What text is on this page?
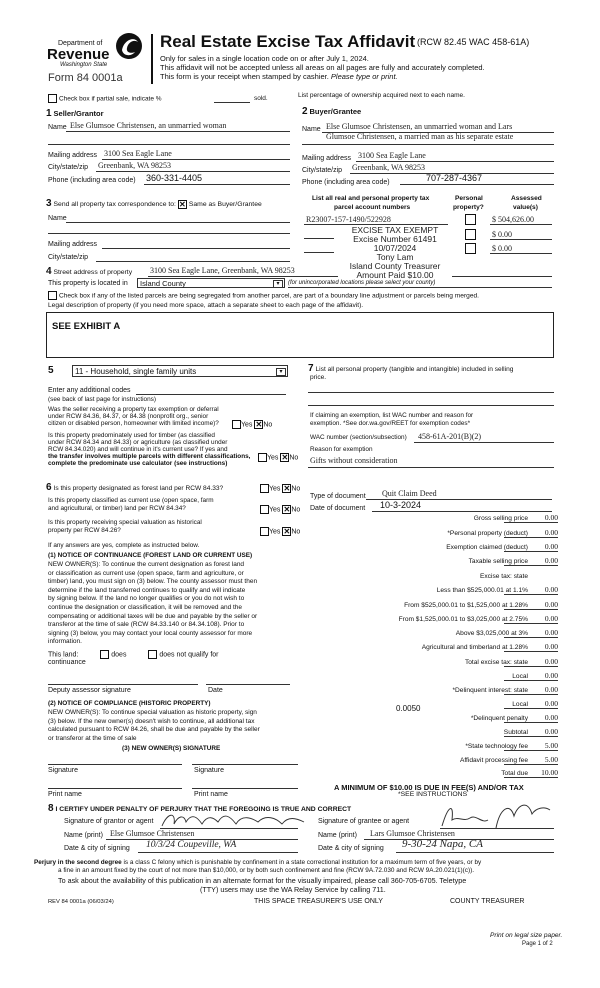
Department of
Revenue
Washington State
Form 84 0001a
Real Estate Excise Tax Affidavit (RCW 82.45 WAC 458-61A)
Only for sales in a single location code on or after July 1, 2024.
This affidavit will not be accepted unless all areas on all pages are fully and accurately completed.
This form is your receipt when stamped by cashier. Please type or print.
Check box if partial sale, indicate %	sold.	List percentage of ownership acquired next to each name.
1 Seller/Grantor
Name Else Glumsoe Christensen, an unmarried woman
Mailing address 3100 Sea Eagle Lane
City/state/zip Greenbank, WA 98253
Phone (including area code) 360-331-4405
2 Buyer/Grantee
Name Else Glumsoe Christensen, an unmarried woman and Lars
Glumsoe Christensen, a married man as his separate estate
Mailing address 3100 Sea Eagle Lane
City/state/zip Greenbank, WA 98253
Phone (including area code)	707-287-4367
3 Send all property tax correspondence to: ✕ Same as Buyer/Grantee
Name
Mailing address
City/state/zip
List all real and personal property tax
parcel account numbers
Personal
property?
Assessed
value(s)
R23007-157-1490/522928	$ 504,626.00
$ 0.00
$ 0.00
EXCISE TAX EXEMPT
Excise Number 61491
10/07/2024
Tony Lam
Island County Treasurer
Amount Paid $10.00
4 Street address of property 3100 Sea Eagle Lane, Greenbank, WA 98253
This property is located in	Island County	▾	(for unincorporated locations please select your county)
Check box if any of the listed parcels are being segregated from another parcel, are part of a boundary line adjustment or parcels being merged.
Legal description of property (if you need more space, attach a separate sheet to each page of the affidavit).
SEE EXHIBIT A
5	11 - Household, single family units	▾
Enter any additional codes
(see back of last page for instructions)
Was the seller receiving a property tax exemption or deferral
under RCW 84.36, 84.37, or 84.38 (nonprofit org., senior
citizen or disabled person, homeowner with limited income)?	Yes ✕No
Is this property predominately used for timber (as classified
under RCW 84.34 and 84.33) or agriculture (as classified under
RCW 84.34.020) and will continue in it's current use? If yes and
the transfer involves multiple parcels with different classifications,
complete the predominate use calculator (see instructions)
Yes ✕No
6 Is this property designated as forest land per RCW 84.33?	Yes ✕No
Is this property classified as current use (open space, farm
and agricultural, or timber) land per RCW 84.34?	Yes ✕No
Is this property receiving special valuation as historical
property per RCW 84.26?	Yes ✕No
If any answers are yes, complete as instructed below.
(1) NOTICE OF CONTINUANCE (FOREST LAND OR CURRENT USE)
NEW OWNER(S): To continue the current designation as forest land
or classification as current use (open space, farm and agriculture, or
timber) land, you must sign on (3) below. The county assessor must then
determine if the land transferred continues to qualify and will indicate
by signing below. If the land no longer qualifies or you do not wish to
continue the designation or classification, it will be removed and the
compensating or additional taxes will be due and payable by the seller or
transferor at the time of sale (RCW 84.33.140 or 84.34.108). Prior to
signing (3) below, you may contact your local county assessor for more
information.
This land:	does	does not qualify for
continuance
Deputy assessor signature	Date
(2) NOTICE OF COMPLIANCE (HISTORIC PROPERTY)
NEW OWNER(S): To continue special valuation as historic property, sign
(3) below. If the new owner(s) doesn't wish to continue, all additional tax
calculated pursuant to RCW 84.26, shall be due and payable by the seller
or transferor at the time of sale
(3) NEW OWNER(S) SIGNATURE
Signature	Signature
Print name	Print name
7 List all personal property (tangible and intangible) included in selling
price.
If claiming an exemption, list WAC number and reason for
exemption. *See dor.wa.gov/REET for exemption codes*
WAC number (section/subsection) 458-61A-201(B)(2)
Reason for exemption
Gifts without consideration
Type of document Quit Claim Deed
Date of document 10-3-2024
Gross selling price	0.00
*Personal property (deduct)	0.00
Exemption claimed (deduct)	0.00
Taxable selling price	0.00
Excise tax: state
Less than $525,000.01 at 1.1%	0.00
From $525,000.01 to $1,525,000 at 1.28%	0.00
From $1,525,000.01 to $3,025,000 at 2.75%	0.00
Above $3,025,000 at 3%	0.00
Agricultural and timberland at 1.28%	0.00
Total excise tax: state	0.00
Local	0.00
*Delinquent interest: state	0.00
Local	0.00
*Delinquent penalty	0.00
Subtotal	0.00
*State technology fee	5.00
Affidavit processing fee	5.00
Total due	10.00
0.0050
A MINIMUM OF $10.00 IS DUE IN FEE(S) AND/OR TAX
*SEE INSTRUCTIONS
8 I CERTIFY UNDER PENALTY OF PERJURY THAT THE FOREGOING IS TRUE AND CORRECT
Signature of grantor or agent	Signature of grantee or agent
Name (print) Else Glumsoe Christensen	Name (print) Lars Glumsoe Christensen
Date & city of signing 10/3/24 Coupeville, WA	Date & city of signing 9-30-24 Napa, CA
Perjury in the second degree is a class C felony which is punishable by confinement in a state correctional institution for a maximum term of five years, or by
a fine in an amount fixed by the court of not more than $10,000, or by both such confinement and fine (RCW 9A.72.030 and RCW 9A.20.021(1)(c)).
To ask about the availability of this publication in an alternate format for the visually impaired, please call 360-705-6705. Teletype
(TTY) users may use the WA Relay Service by calling 711.
REV 84 0001a (06/03/24)	THIS SPACE TREASURER'S USE ONLY	COUNTY TREASURER
Print on legal size paper.
Page 1 of 2
